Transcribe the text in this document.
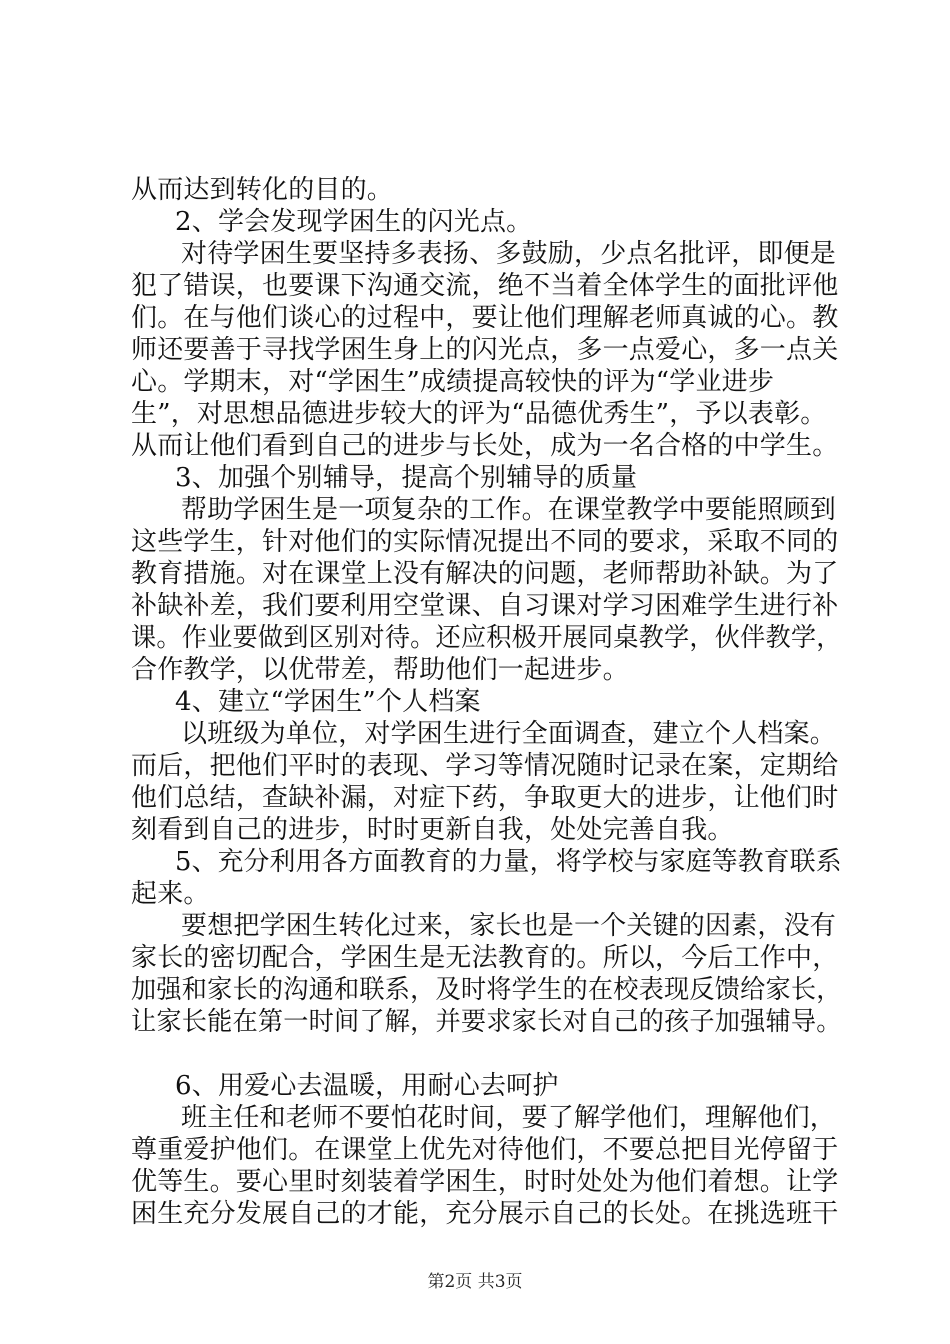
从而达到转化的目的。
2、学会发现学困生的闪光点。
对待学困生要坚持多表扬、多鼓励，少点名批评，即便是
犯了错误，也要课下沟通交流，绝不当着全体学生的面批评他
们。在与他们谈心的过程中，要让他们理解老师真诚的心。教
师还要善于寻找学困生身上的闪光点，多一点爱心，多一点关
心。学期末，对“学困生”成绩提高较快的评为“学业进步
生”，对思想品德进步较大的评为“品德优秀生”，予以表彰。
从而让他们看到自己的进步与长处，成为一名合格的中学生。
3、加强个别辅导，提高个别辅导的质量
帮助学困生是一项复杂的工作。在课堂教学中要能照顾到
这些学生，针对他们的实际情况提出不同的要求，采取不同的
教育措施。对在课堂上没有解决的问题，老师帮助补缺。为了
补缺补差，我们要利用空堂课、自习课对学习困难学生进行补
课。作业要做到区别对待。还应积极开展同桌教学，伙伴教学，
合作教学，以优带差，帮助他们一起进步。
4、建立“学困生”个人档案
以班级为单位，对学困生进行全面调查，建立个人档案。
而后，把他们平时的表现、学习等情况随时记录在案，定期给
他们总结，查缺补漏，对症下药，争取更大的进步，让他们时
刻看到自己的进步，时时更新自我，处处完善自我。
5、充分利用各方面教育的力量，将学校与家庭等教育联系
起来。
要想把学困生转化过来，家长也是一个关键的因素，没有
家长的密切配合，学困生是无法教育的。所以，今后工作中，
加强和家长的沟通和联系，及时将学生的在校表现反馈给家长，
让家长能在第一时间了解，并要求家长对自己的孩子加强辅导。
6、用爱心去温暖，用耐心去呵护
班主任和老师不要怕花时间，要了解学他们，理解他们，
尊重爱护他们。在课堂上优先对待他们，不要总把目光停留于
优等生。要心里时刻装着学困生，时时处处为他们着想。让学
困生充分发展自己的才能，充分展示自己的长处。在挑选班干
第2页 共3页
